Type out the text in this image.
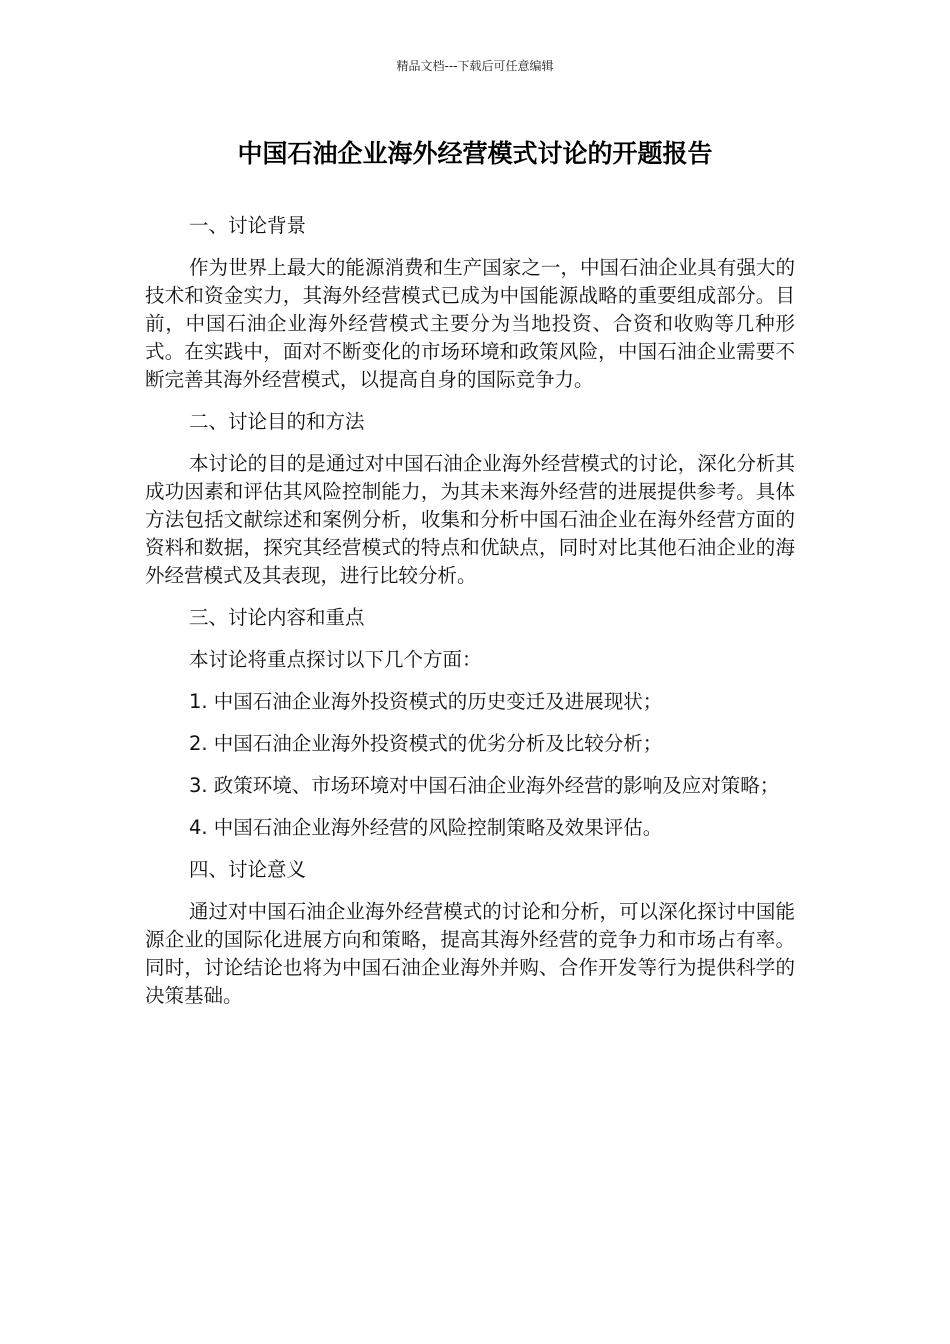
精品文档---下载后可任意编辑
中国石油企业海外经营模式讨论的开题报告

一、讨论背景

作为世界上最大的能源消费和生产国家之一，中国石油企业具有强大的技术和资金实力，其海外经营模式已成为中国能源战略的重要组成部分。目前，中国石油企业海外经营模式主要分为当地投资、合资和收购等几种形式。在实践中，面对不断变化的市场环境和政策风险，中国石油企业需要不断完善其海外经营模式，以提高自身的国际竞争力。

二、讨论目的和方法

本讨论的目的是通过对中国石油企业海外经营模式的讨论，深化分析其成功因素和评估其风险控制能力，为其未来海外经营的进展提供参考。具体方法包括文献综述和案例分析，收集和分析中国石油企业在海外经营方面的资料和数据，探究其经营模式的特点和优缺点，同时对比其他石油企业的海外经营模式及其表现，进行比较分析。

三、讨论内容和重点

本讨论将重点探讨以下几个方面：

1. 中国石油企业海外投资模式的历史变迁及进展现状；

2. 中国石油企业海外投资模式的优劣分析及比较分析；

3. 政策环境、市场环境对中国石油企业海外经营的影响及应对策略；

4. 中国石油企业海外经营的风险控制策略及效果评估。

四、讨论意义

通过对中国石油企业海外经营模式的讨论和分析，可以深化探讨中国能源企业的国际化进展方向和策略，提高其海外经营的竞争力和市场占有率。同时，讨论结论也将为中国石油企业海外并购、合作开发等行为提供科学的决策基础。
